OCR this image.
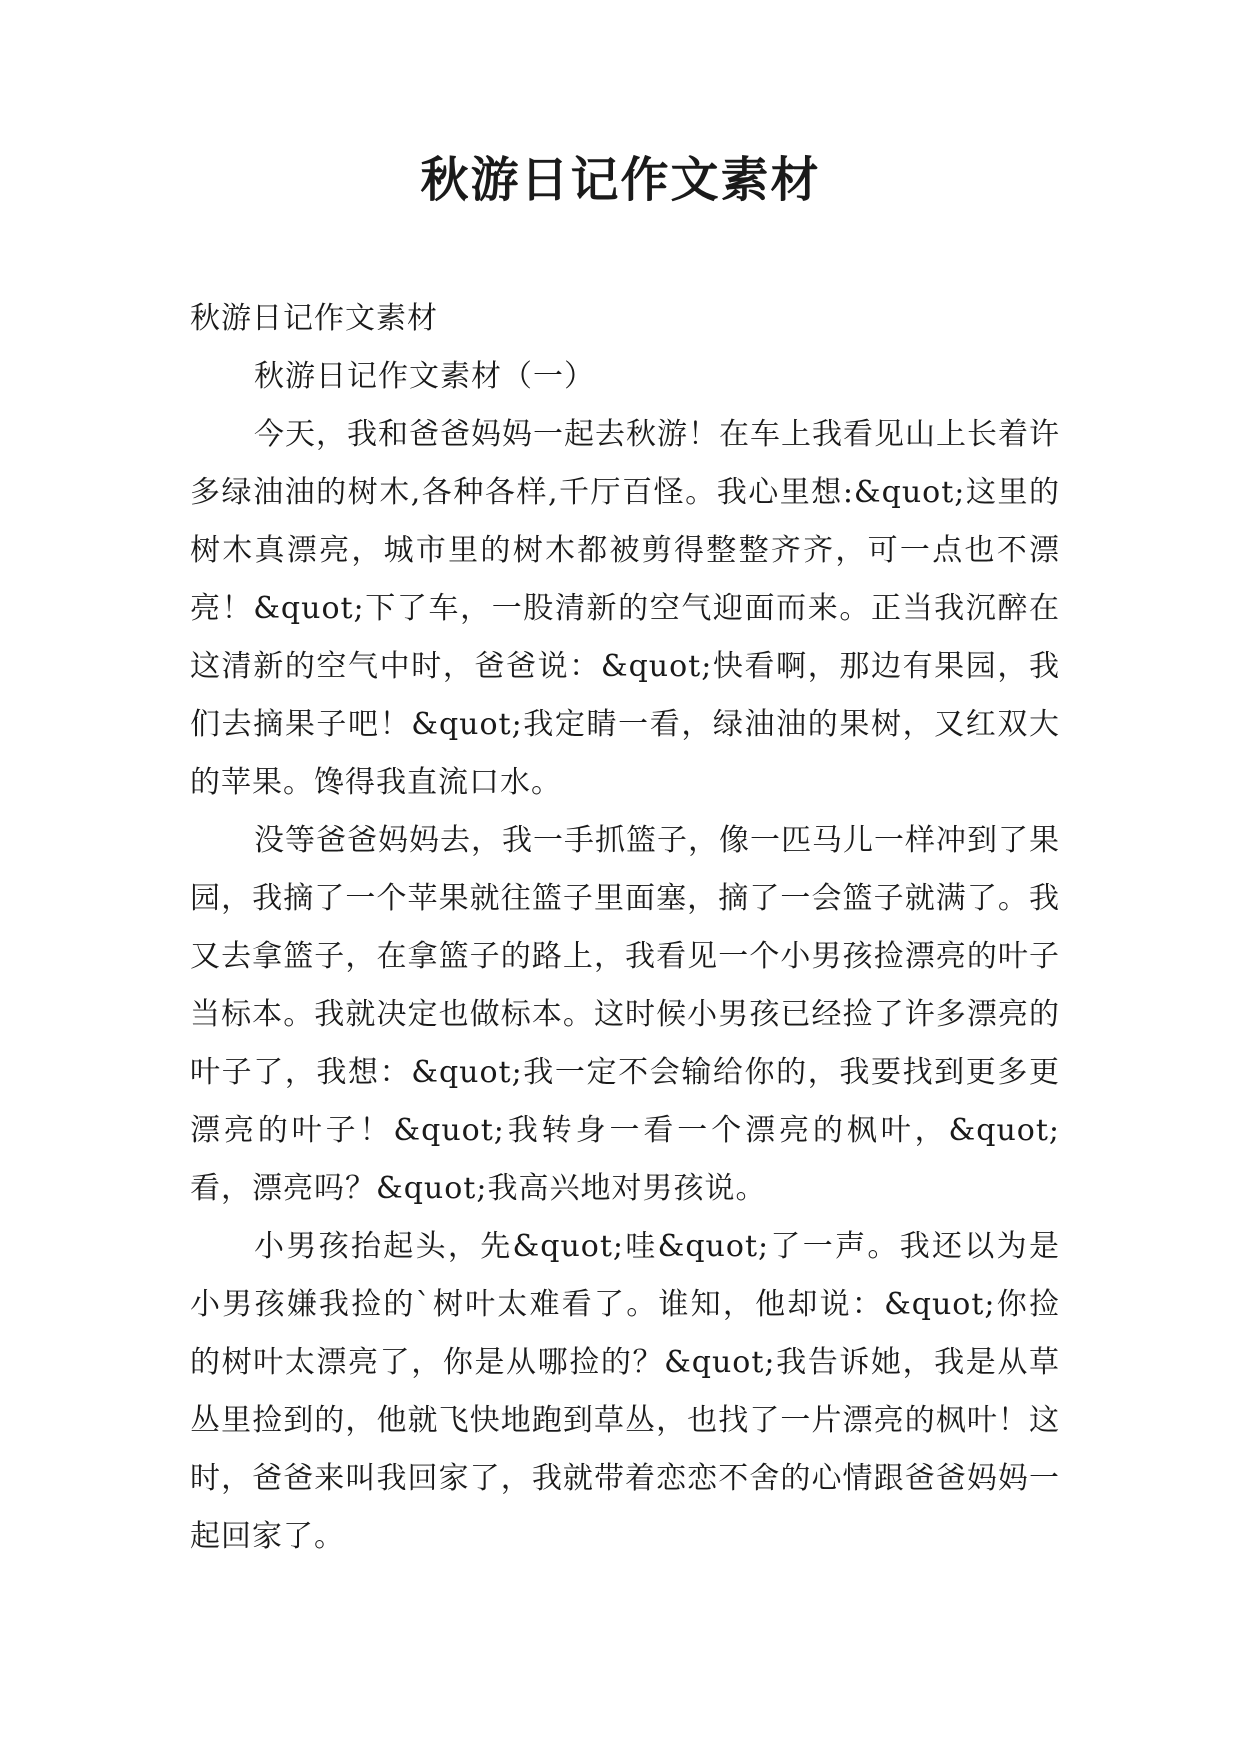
秋游日记作文素材

秋游日记作文素材

秋游日记作文素材（一）

今天，我和爸爸妈妈一起去秋游！在车上我看见山上长着许多绿油油的树木,各种各样,千厅百怪。我心里想:&quot;这里的树木真漂亮，城市里的树木都被剪得整整齐齐，可一点也不漂亮！&quot;下了车，一股清新的空气迎面而来。正当我沉醉在这清新的空气中时，爸爸说：&quot;快看啊，那边有果园，我们去摘果子吧！&quot;我定睛一看，绿油油的果树，又红双大的苹果。馋得我直流口水。

没等爸爸妈妈去，我一手抓篮子，像一匹马儿一样冲到了果园，我摘了一个苹果就往篮子里面塞，摘了一会篮子就满了。我又去拿篮子，在拿篮子的路上，我看见一个小男孩捡漂亮的叶子当标本。我就决定也做标本。这时候小男孩已经捡了许多漂亮的叶子了，我想：&quot;我一定不会输给你的，我要找到更多更漂亮的叶子！&quot;我转身一看一个漂亮的枫叶，&quot;看，漂亮吗？&quot;我高兴地对男孩说。

小男孩抬起头，先&quot;哇&quot;了一声。我还以为是小男孩嫌我捡的`树叶太难看了。谁知，他却说：&quot;你捡的树叶太漂亮了，你是从哪捡的？&quot;我告诉她，我是从草丛里捡到的，他就飞快地跑到草丛，也找了一片漂亮的枫叶！这时，爸爸来叫我回家了，我就带着恋恋不舍的心情跟爸爸妈妈一起回家了。
